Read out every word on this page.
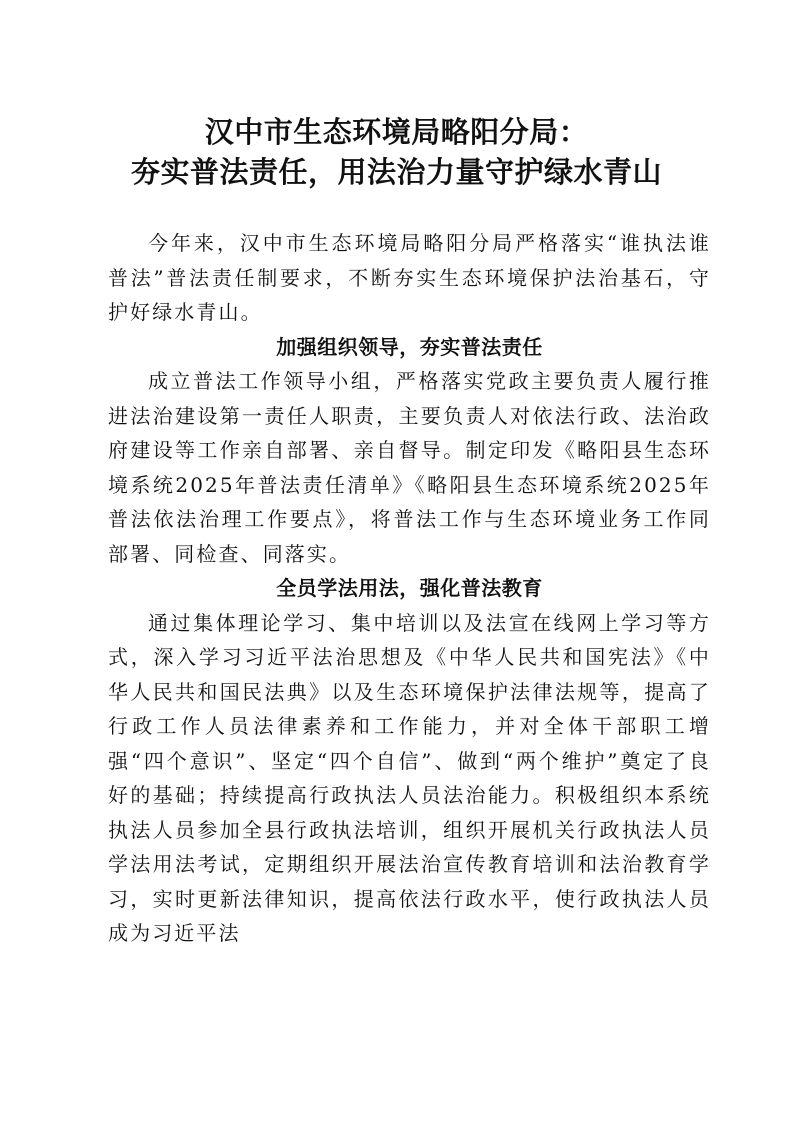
汉中市生态环境局略阳分局：
夯实普法责任，用法治力量守护绿水青山

今年来，汉中市生态环境局略阳分局严格落实“谁执法谁普法”普法责任制要求，不断夯实生态环境保护法治基石，守护好绿水青山。

加强组织领导，夯实普法责任

成立普法工作领导小组，严格落实党政主要负责人履行推进法治建设第一责任人职责，主要负责人对依法行政、法治政府建设等工作亲自部署、亲自督导。制定印发《略阳县生态环境系统2025年普法责任清单》《略阳县生态环境系统2025年普法依法治理工作要点》，将普法工作与生态环境业务工作同部署、同检查、同落实。

全员学法用法，强化普法教育

通过集体理论学习、集中培训以及法宣在线网上学习等方式，深入学习习近平法治思想及《中华人民共和国宪法》《中华人民共和国民法典》以及生态环境保护法律法规等，提高了行政工作人员法律素养和工作能力，并对全体干部职工增强“四个意识”、坚定“四个自信”、做到“两个维护”奠定了良好的基础；持续提高行政执法人员法治能力。积极组织本系统执法人员参加全县行政执法培训，组织开展机关行政执法人员学法用法考试，定期组织开展法治宣传教育培训和法治教育学习，实时更新法律知识，提高依法行政水平，使行政执法人员成为习近平法
